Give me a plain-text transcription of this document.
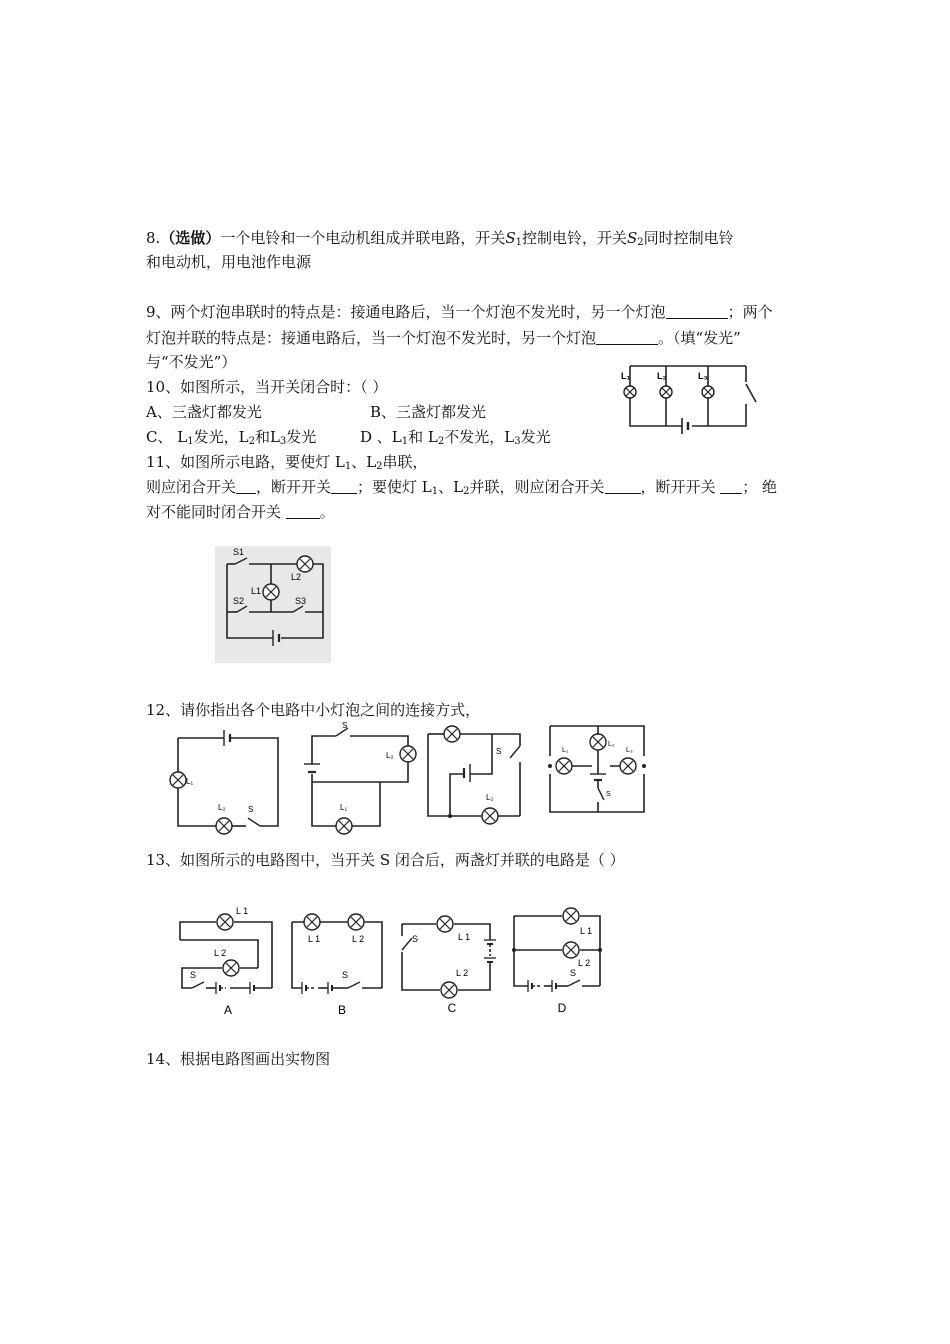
8.（选做）一个电铃和一个电动机组成并联电路，开关$S_1$控制电铃，开关$S_2$同时控制电铃
和电动机，用电池作电源
9、两个灯泡串联时的特点是：接通电路后，当一个灯泡不发光时，另一个灯泡	；两个
灯泡并联的特点是：接通电路后，当一个灯泡不发光时，另一个灯泡	。（填“发光”
与“不发光”）
10、如图所示，当开关闭合时：（ ）
A、三盏灯都发光	B、三盏灯都发光
C、 $L_1$发光，$L_2$和$L_3$发光	D 、$L_1$和 $L_2$不发光，$L_3$发光
L₁	L₂	L₃
11、如图所示电路，要使灯 $L_1$、$L_2$串联，
则应闭合开关 ，断开开关 ；要使灯 $L_1$、$L_2$并联，则应闭合开关 ，断开开关 ； 绝
对不能同时闭合开关 。
S1
L2
L1
S2	S3
12、请你指出各个电路中小灯泡之间的连接方式，
L₁
L₂	S
L₂
L₁
S
S
L₂
L₁
L₂
L₃
S
13、如图所示的电路图中，当开关 S 闭合后，两盏灯并联的电路是（ ）
L 1
L 2
S
A
L 1	L 2
S
B
L 1
L 2
S
C
L 1
L 2
S
D
14、根据电路图画出实物图
